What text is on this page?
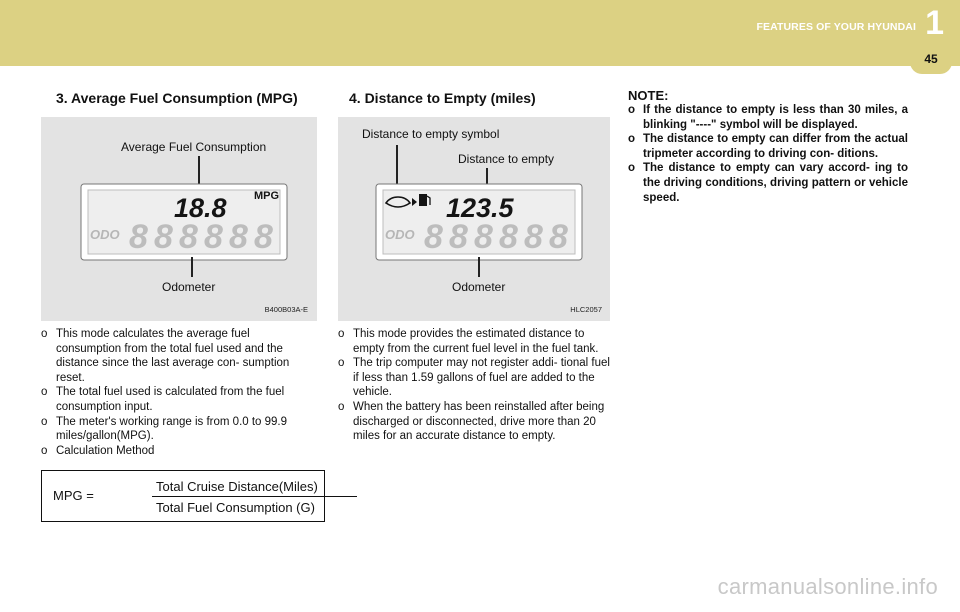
FEATURES OF YOUR HYUNDAI 1
45
3. Average Fuel Consumption (MPG)
Average Fuel Consumption
18.8 MPG
ODO 8 8 8 8 8 8
Odometer
B400B03A-E
o This mode calculates the average fuel consumption from the total fuel used and the distance since the last average con- sumption reset.
o The total fuel used is calculated from the fuel consumption input.
o The meter's working range is from 0.0 to 99.9 miles/gallon(MPG).
o Calculation Method
MPG =
Total Cruise Distance(Miles)
Total Fuel Consumption (G)
4. Distance to Empty (miles)
Distance to empty symbol
Distance to empty
123.5
ODO 8 8 8 8 8 8
Odometer
HLC2057
o This mode provides the estimated distance to empty from the current fuel level in the fuel tank.
o The trip computer may not register addi- tional fuel if less than 1.59 gallons of fuel are added to the vehicle.
o When the battery has been reinstalled after being discharged or disconnected, drive more than 20 miles for an accurate distance to empty.
NOTE:
o If the distance to empty is less than 30 miles, a blinking "----" symbol will be displayed.
o The distance to empty can differ from the actual tripmeter according to driving con- ditions.
o The distance to empty can vary accord- ing to the driving conditions, driving pattern or vehicle speed.
carmanualsonline.info
